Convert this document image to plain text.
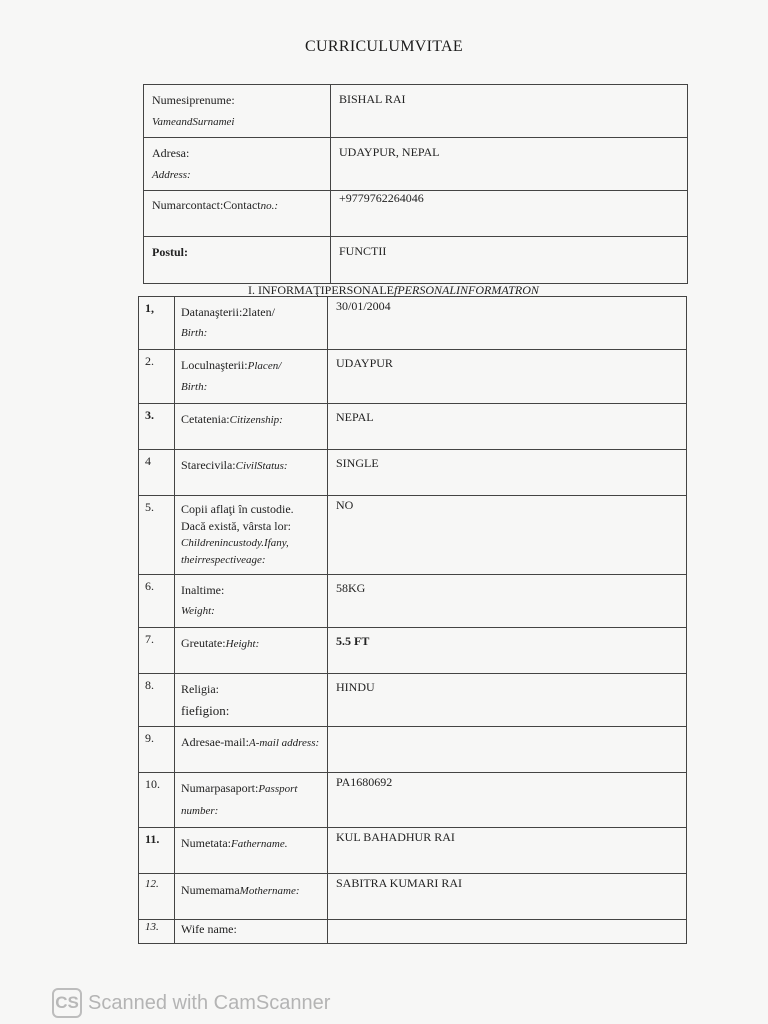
CURRICULUMVITAE
Numesiprenume:
VameandSurnamei	BISHAL RAI

Adresa:
Address:	UDAYPUR, NEPAL

Numarcontact:Contactno.:	+9779762264046

Postul:	FUNCTII
I. INFORMAŢIPERSONALEfPERSONALINFORMATRON
1,	Datanaşterii:2laten/
Birth:	30/01/2004

2.	Loculnaşterii:Placen/
Birth:	UDAYPUR

3.	Cetatenia:Citizenship:	NEPAL

4	Starecivila:CivilStatus:	SINGLE

5.	Copii aflaţi în custodie. Dacă există, vârsta lor:
Childrenincustody.Ifany, theirrespectiveage:	NO

6.	Inaltime:
Weight:	58KG

7.	Greutate:Height:	5.5 FT

8.	Religia:
fiefigion:	HINDU

9.	Adresae-mail:A-mail address:	

10.	Numarpasaport:Passport number:	PA1680692

11.	Numetata:Fathername.	KUL BAHADHUR RAI

12.	NumemamaMothername:	SABITRA KUMARI RAI

13.	Wife name:	

CS Scanned with CamScanner
